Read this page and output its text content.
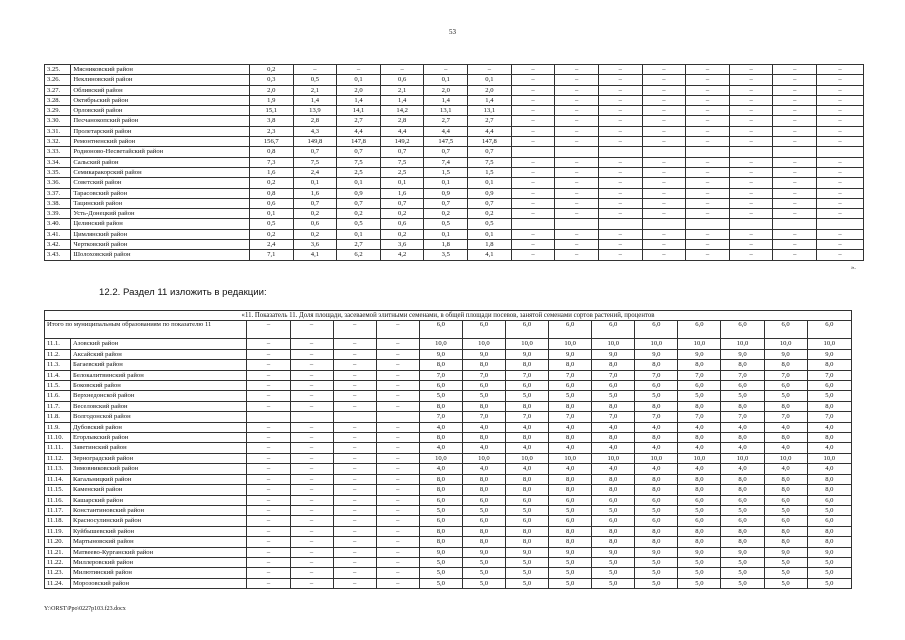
53
3.25.	Мясниковский район	0,2	–	–	–	–	–	–	–	–	–	–	–	–	–
3.26.	Неклиновский район	0,3	0,5	0,1	0,6	0,1	0,1	–	–	–	–	–	–	–	–
3.27.	Обливский район	2,0	2,1	2,0	2,1	2,0	2,0	–	–	–	–	–	–	–	–
3.28.	Октябрьский район	1,9	1,4	1,4	1,4	1,4	1,4	–	–	–	–	–	–	–	–
3.29.	Орловский район	15,1	13,9	14,1	14,2	13,1	13,1	–	–	–	–	–	–	–	–
3.30.	Песчанокопский район	3,8	2,8	2,7	2,8	2,7	2,7	–	–	–	–	–	–	–	–
3.31.	Пролетарский район	2,3	4,3	4,4	4,4	4,4	4,4	–	–	–	–	–	–	–	–
3.32.	Ремонтненский район	156,7	149,8	147,8	149,2	147,5	147,8	–	–	–	–	–	–	–	–
3.33.	Родионово-Несветайский район	0,8	0,7	0,7	0,7	0,7	0,7								
3.34.	Сальский район	7,3	7,5	7,5	7,5	7,4	7,5	–	–	–	–	–	–	–	–
3.35.	Семикаракорский район	1,6	2,4	2,5	2,5	1,5	1,5	–	–	–	–	–	–	–	–
3.36.	Советский район	0,2	0,1	0,1	0,1	0,1	0,1	–	–	–	–	–	–	–	–
3.37.	Тарасовский район	0,8	1,6	0,9	1,6	0,9	0,9	–	–	–	–	–	–	–	–
3.38.	Тацинский район	0,6	0,7	0,7	0,7	0,7	0,7	–	–	–	–	–	–	–	–
3.39.	Усть-Донецкий район	0,1	0,2	0,2	0,2	0,2	0,2	–	–	–	–	–	–	–	–
3.40.	Целинский район	0,5	0,6	0,5	0,6	0,5	0,5								
3.41.	Цимлянский район	0,2	0,2	0,1	0,2	0,1	0,1	–	–	–	–	–	–	–	–
3.42.	Чертковский район	2,4	3,6	2,7	3,6	1,8	1,8	–	–	–	–	–	–	–	–
3.43.	Шолоховский район	7,1	4,1	6,2	4,2	3,5	4,1	–	–	–	–	–	–	–	–
».
12.2. Раздел 11 изложить в редакции:
«11. Показатель 11. Доля площади, засеваемой элитными семенами, в общей площади посевов, занятой семенами сортов растений, процентов															
Итого по муниципальным образованиям по показателю 11		–	–	–	–	6,0	6,0	6,0	6,0	6,0	6,0	6,0	6,0	6,0	6,0
11.1.	Азовский район	–	–	–	–	10,0	10,0	10,0	10,0	10,0	10,0	10,0	10,0	10,0	10,0
11.2.	Аксайский район	–	–	–	–	9,0	9,0	9,0	9,0	9,0	9,0	9,0	9,0	9,0	9,0
11.3.	Багаевский район	–	–	–	–	8,0	8,0	8,0	8,0	8,0	8,0	8,0	8,0	8,0	8,0
11.4.	Белокалитвинский район	–	–	–	–	7,0	7,0	7,0	7,0	7,0	7,0	7,0	7,0	7,0	7,0
11.5.	Боковский район	–	–	–	–	6,0	6,0	6,0	6,0	6,0	6,0	6,0	6,0	6,0	6,0
11.6.	Верхнедонской район	–	–	–	–	5,0	5,0	5,0	5,0	5,0	5,0	5,0	5,0	5,0	5,0
11.7.	Веселовский район	–	–	–	–	8,0	8,0	8,0	8,0	8,0	8,0	8,0	8,0	8,0	8,0
11.8.	Волгодонской район					7,0	7,0	7,0	7,0	7,0	7,0	7,0	7,0	7,0	7,0
11.9.	Дубовский район	–	–	–	–	4,0	4,0	4,0	4,0	4,0	4,0	4,0	4,0	4,0	4,0
11.10.	Егорлыкский район	–	–	–	–	8,0	8,0	8,0	8,0	8,0	8,0	8,0	8,0	8,0	8,0
11.11.	Заветинский район	–	–	–	–	4,0	4,0	4,0	4,0	4,0	4,0	4,0	4,0	4,0	4,0
11.12.	Зерноградский район	–	–	–	–	10,0	10,0	10,0	10,0	10,0	10,0	10,0	10,0	10,0	10,0
11.13.	Зимовниковский район	–	–	–	–	4,0	4,0	4,0	4,0	4,0	4,0	4,0	4,0	4,0	4,0
11.14.	Кагальницкий район	–	–	–	–	8,0	8,0	8,0	8,0	8,0	8,0	8,0	8,0	8,0	8,0
11.15.	Каменский район	–	–	–	–	8,0	8,0	8,0	8,0	8,0	8,0	8,0	8,0	8,0	8,0
11.16.	Кашарский район	–	–	–	–	6,0	6,0	6,0	6,0	6,0	6,0	6,0	6,0	6,0	6,0
11.17.	Константиновский район	–	–	–	–	5,0	5,0	5,0	5,0	5,0	5,0	5,0	5,0	5,0	5,0
11.18.	Красносулинский район	–	–	–	–	6,0	6,0	6,0	6,0	6,0	6,0	6,0	6,0	6,0	6,0
11.19.	Куйбышевский район	–	–	–	–	8,0	8,0	8,0	8,0	8,0	8,0	8,0	8,0	8,0	8,0
11.20.	Мартыновский район	–	–	–	–	8,0	8,0	8,0	8,0	8,0	8,0	8,0	8,0	8,0	8,0
11.21.	Матвеево-Курганский район	–	–	–	–	9,0	9,0	9,0	9,0	9,0	9,0	9,0	9,0	9,0	9,0
11.22.	Миллеровский район	–	–	–	–	5,0	5,0	5,0	5,0	5,0	5,0	5,0	5,0	5,0	5,0
11.23.	Милютинский район	–	–	–	–	5,0	5,0	5,0	5,0	5,0	5,0	5,0	5,0	5,0	5,0
11.24.	Морозовский район	–	–	–	–	5,0	5,0	5,0	5,0	5,0	5,0	5,0	5,0	5,0	5,0
Y:\ORST\Ppo\0227p103.f23.docx
